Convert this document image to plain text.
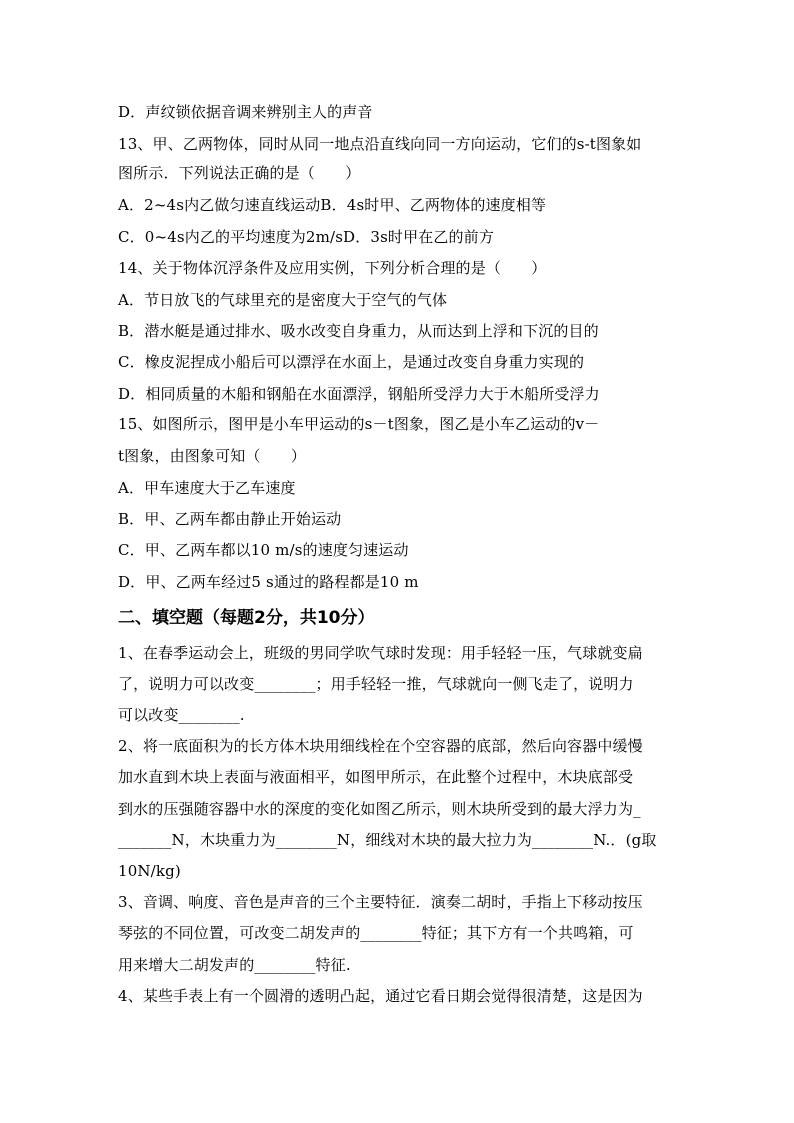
D．声纹锁依据音调来辨别主人的声音
13、甲、乙两物体，同时从同一地点沿直线向同一方向运动，它们的s-t图象如
图所示．下列说法正确的是（　　）
A．2~4s内乙做匀速直线运动B．4s时甲、乙两物体的速度相等
C．0~4s内乙的平均速度为2m/sD．3s时甲在乙的前方
14、关于物体沉浮条件及应用实例，下列分析合理的是（　　）
A．节日放飞的气球里充的是密度大于空气的气体
B．潜水艇是通过排水、吸水改变自身重力，从而达到上浮和下沉的目的
C．橡皮泥捏成小船后可以漂浮在水面上，是通过改变自身重力实现的
D．相同质量的木船和钢船在水面漂浮，钢船所受浮力大于木船所受浮力
15、如图所示，图甲是小车甲运动的s－t图象，图乙是小车乙运动的v－
t图象，由图象可知（　　）
A．甲车速度大于乙车速度
B．甲、乙两车都由静止开始运动
C．甲、乙两车都以10 m/s的速度匀速运动
D．甲、乙两车经过5 s通过的路程都是10 m
二、填空题（每题2分，共10分）
1、在春季运动会上，班级的男同学吹气球时发现：用手轻轻一压，气球就变扁
了，说明力可以改变________；用手轻轻一推，气球就向一侧飞走了，说明力
可以改变________.
2、将一底面积为的长方体木块用细线栓在个空容器的底部，然后向容器中缓慢
加水直到木块上表面与液面相平，如图甲所示，在此整个过程中，木块底部受
到水的压强随容器中水的深度的变化如图乙所示，则木块所受到的最大浮力为_
_______N，木块重力为________N，细线对木块的最大拉力为________N.．(g取
10N/kg)
3、音调、响度、音色是声音的三个主要特征．演奏二胡时，手指上下移动按压
琴弦的不同位置，可改变二胡发声的________特征；其下方有一个共鸣箱，可
用来增大二胡发声的________特征.
4、某些手表上有一个圆滑的透明凸起，通过它看日期会觉得很清楚，这是因为
